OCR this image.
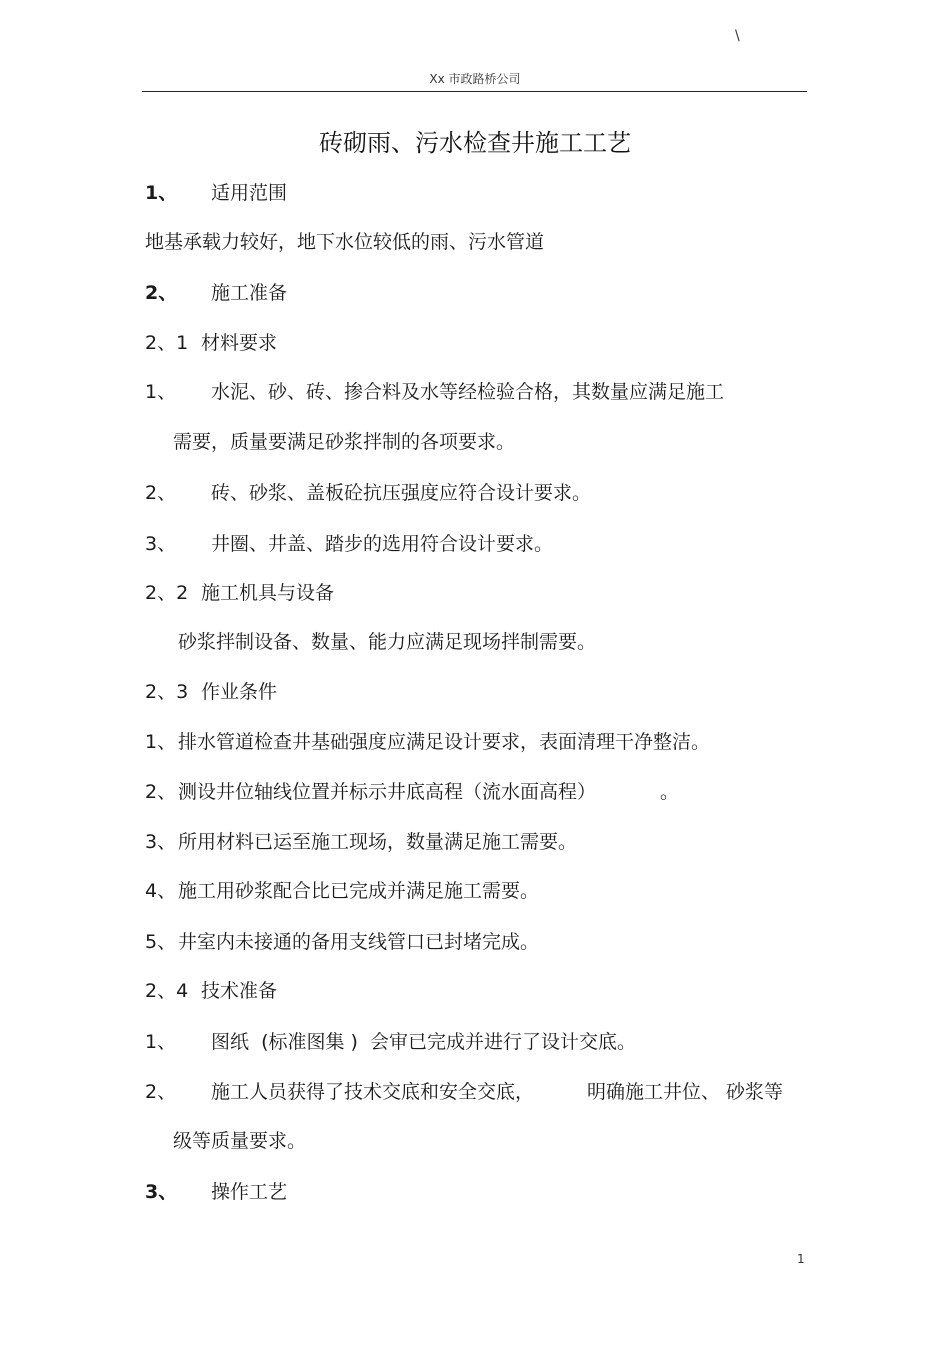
\
Xx 市政路桥公司
砖砌雨、污水检查井施工工艺
1、 适用范围
地基承载力较好，地下水位较低的雨、污水管道
2、 施工准备
2、1 材料要求
1、 水泥、砂、砖、掺合料及水等经检验合格，其数量应满足施工
需要，质量要满足砂浆拌制的各项要求。
2、 砖、砂浆、盖板砼抗压强度应符合设计要求。
3、 井圈、井盖、踏步的选用符合设计要求。
2、2 施工机具与设备
砂浆拌制设备、数量、能力应满足现场拌制需要。
2、3 作业条件
1、 排水管道检查井基础强度应满足设计要求，表面清理干净整洁。
2、 测设井位轴线位置并标示井底高程（流水面高程）	。
3、 所用材料已运至施工现场，数量满足施工需要。
4、 施工用砂浆配合比已完成并满足施工需要。
5、 井室内未接通的备用支线管口已封堵完成。
2、4 技术准备
1、 图纸  (标准图集 )  会审已完成并进行了设计交底。
2、 施工人员获得了技术交底和安全交底，	明确施工井位、 砂浆等
级等质量要求。
3、 操作工艺
1
